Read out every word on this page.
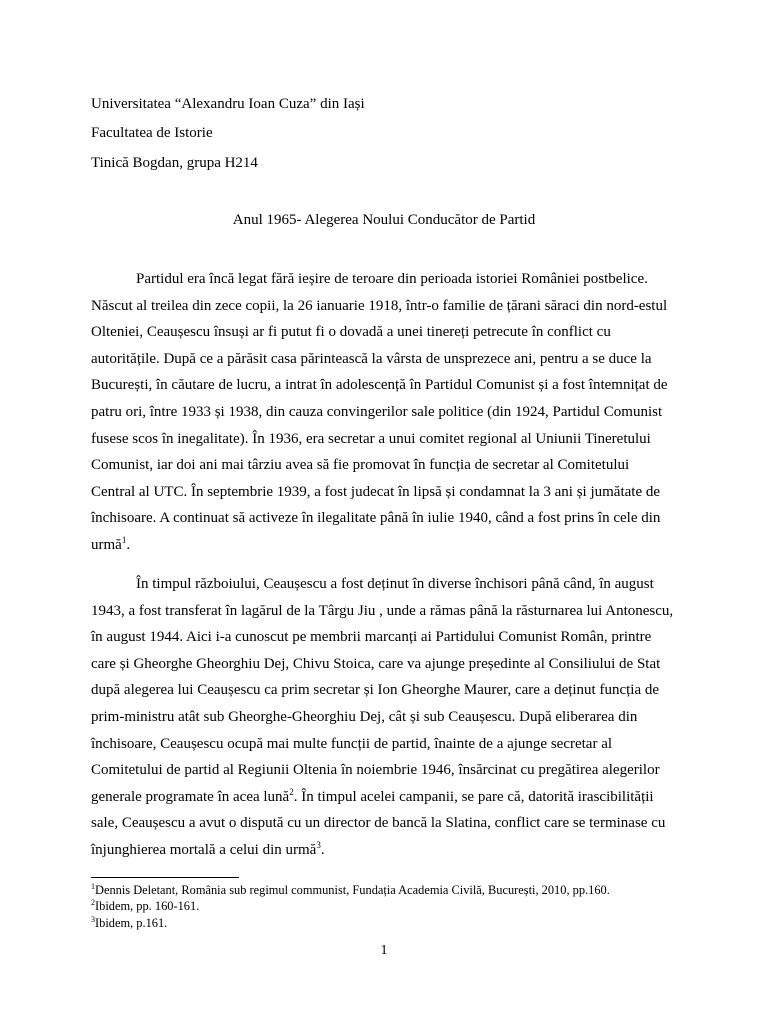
Universitatea “Alexandru Ioan Cuza” din Iași
Facultatea de Istorie
Tinică Bogdan, grupa H214
Anul 1965- Alegerea Noului Conducător de Partid

Partidul era încă legat fără ieșire de teroare din perioada istoriei României postbelice.
Născut al treilea din zece copii, la 26 ianuarie 1918, într-o familie de țărani săraci din nord-estul
Olteniei, Ceaușescu însuși ar fi putut fi o dovadă a unei tinereți petrecute în conflict cu
autoritățile. După ce a părăsit casa părintească la vârsta de unsprezece ani, pentru a se duce la
București, în căutare de lucru, a intrat în adolescență în Partidul Comunist și a fost întemnițat de
patru ori, între 1933 și 1938, din cauza convingerilor sale politice (din 1924, Partidul Comunist
fusese scos în inegalitate). În 1936, era secretar a unui comitet regional al Uniunii Tineretului
Comunist, iar doi ani mai târziu avea să fie promovat în funcția de secretar al Comitetului
Central al UTC. În septembrie 1939, a fost judecat în lipsă și condamnat la 3 ani și jumătate de
închisoare. A continuat să activeze în ilegalitate până în iulie 1940, când a fost prins în cele din
urmă$^1$.

În timpul războiului, Ceaușescu a fost deținut în diverse închisori până când, în august
1943, a fost transferat în lagărul de la Târgu Jiu , unde a rămas până la răsturnarea lui Antonescu,
în august 1944. Aici i-a cunoscut pe membrii marcanți ai Partidului Comunist Român, printre
care și Gheorghe Gheorghiu Dej, Chivu Stoica, care va ajunge președinte al Consiliului de Stat
după alegerea lui Ceaușescu ca prim secretar și Ion Gheorghe Maurer, care a deținut funcția de
prim-ministru atât sub Gheorghe-Gheorghiu Dej, cât și sub Ceaușescu. După eliberarea din
închisoare, Ceaușescu ocupă mai multe funcții de partid, înainte de a ajunge secretar al
Comitetului de partid al Regiunii Oltenia în noiembrie 1946, însărcinat cu pregătirea alegerilor
generale programate în acea lună$^2$. În timpul acelei campanii, se pare că, datorită irascibilității
sale, Ceaușescu a avut o dispută cu un director de bancă la Slatina, conflict care se terminase cu
înjunghierea mortală a celui din urmă$^3$.

$^1$Dennis Deletant, România sub regimul communist, Fundația Academia Civilă, București, 2010, pp.160.
$^2$Ibidem, pp. 160-161.
$^3$Ibidem, p.161.
1
